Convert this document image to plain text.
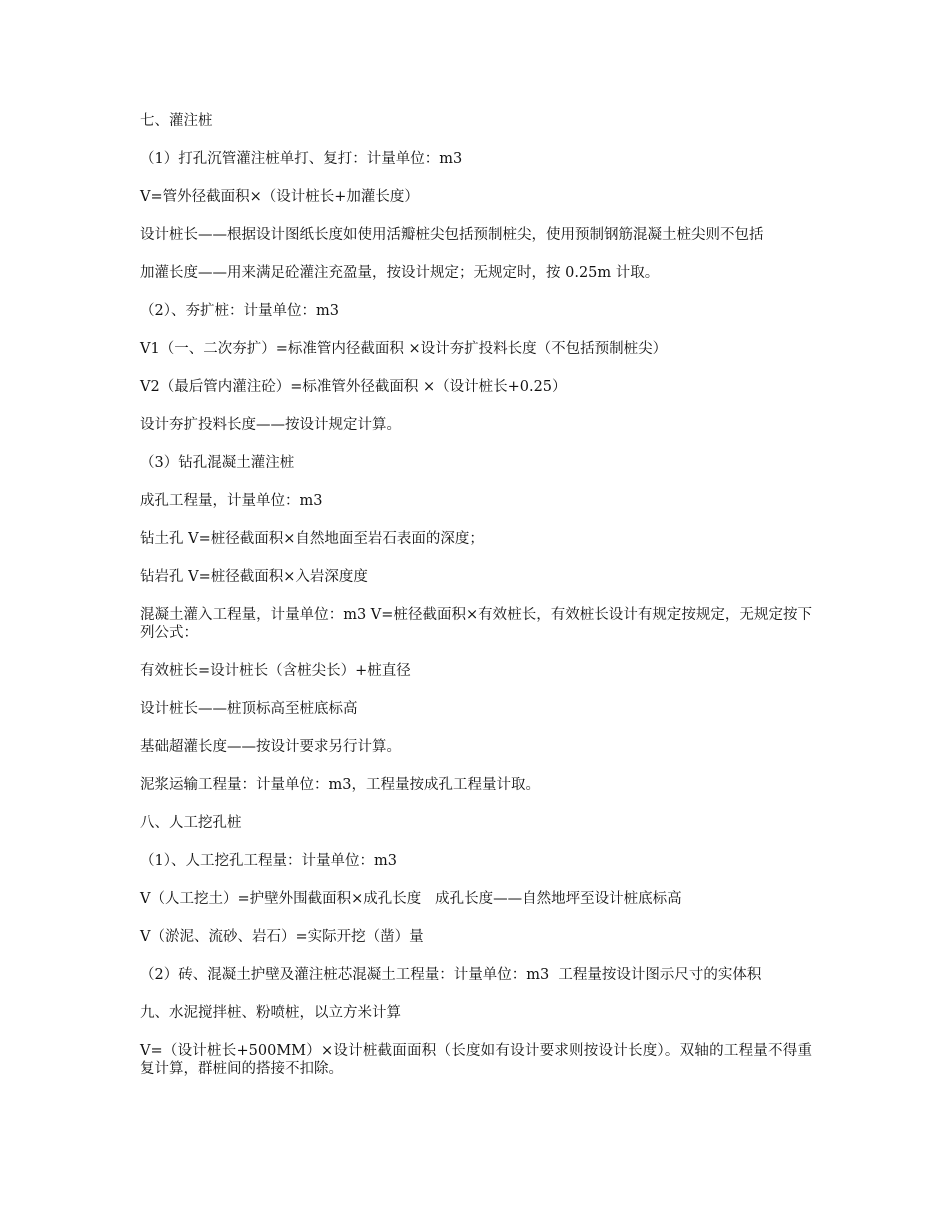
七、灌注桩

（1）打孔沉管灌注桩单打、复打：计量单位：m3

V=管外径截面积×（设计桩长+加灌长度）

设计桩长——根据设计图纸长度如使用活瓣桩尖包括预制桩尖，使用预制钢筋混凝土桩尖则不包括

加灌长度——用来满足砼灌注充盈量，按设计规定；无规定时，按 0.25m 计取。

（2）、夯扩桩：计量单位：m3

V1（一、二次夯扩）=标准管内径截面积 ×设计夯扩投料长度（不包括预制桩尖）

V2（最后管内灌注砼）=标准管外径截面积 ×（设计桩长+0.25）

设计夯扩投料长度——按设计规定计算。

（3）钻孔混凝土灌注桩

成孔工程量，计量单位：m3

钻土孔 V=桩径截面积×自然地面至岩石表面的深度；

钻岩孔 V=桩径截面积×入岩深度度

混凝土灌入工程量，计量单位：m3 V=桩径截面积×有效桩长，有效桩长设计有规定按规定，无规定按下列公式：

有效桩长=设计桩长（含桩尖长）+桩直径

设计桩长——桩顶标高至桩底标高

基础超灌长度——按设计要求另行计算。

泥浆运输工程量：计量单位：m3，工程量按成孔工程量计取。

八、人工挖孔桩

（1）、人工挖孔工程量：计量单位：m3

V（人工挖土）=护壁外围截面积×成孔长度   成孔长度——自然地坪至设计桩底标高

V（淤泥、流砂、岩石）=实际开挖（凿）量

（2）砖、混凝土护壁及灌注桩芯混凝土工程量：计量单位：m3  工程量按设计图示尺寸的实体积

九、水泥搅拌桩、粉喷桩，以立方米计算

V=（设计桩长+500MM）×设计桩截面面积（长度如有设计要求则按设计长度）。双轴的工程量不得重复计算，群桩间的搭接不扣除。
